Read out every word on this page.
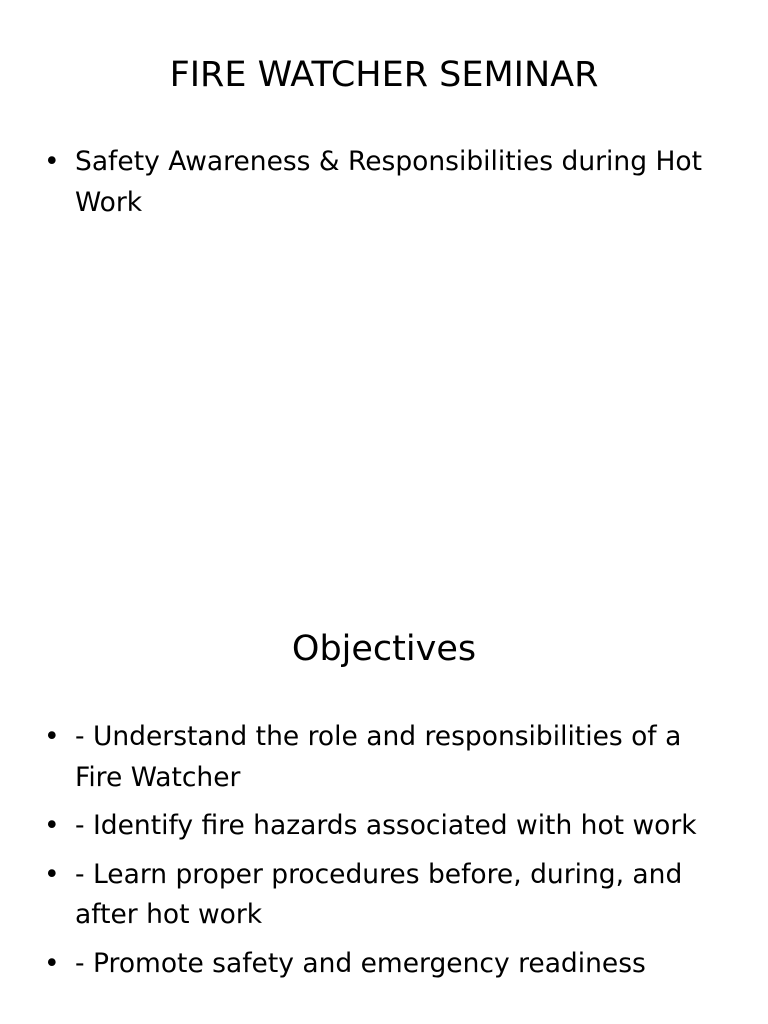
FIRE WATCHER SEMINAR
• Safety Awareness & Responsibilities during Hot Work
Objectives
• - Understand the role and responsibilities of a Fire Watcher
• - Identify fire hazards associated with hot work
• - Learn proper procedures before, during, and after hot work
• - Promote safety and emergency readiness
